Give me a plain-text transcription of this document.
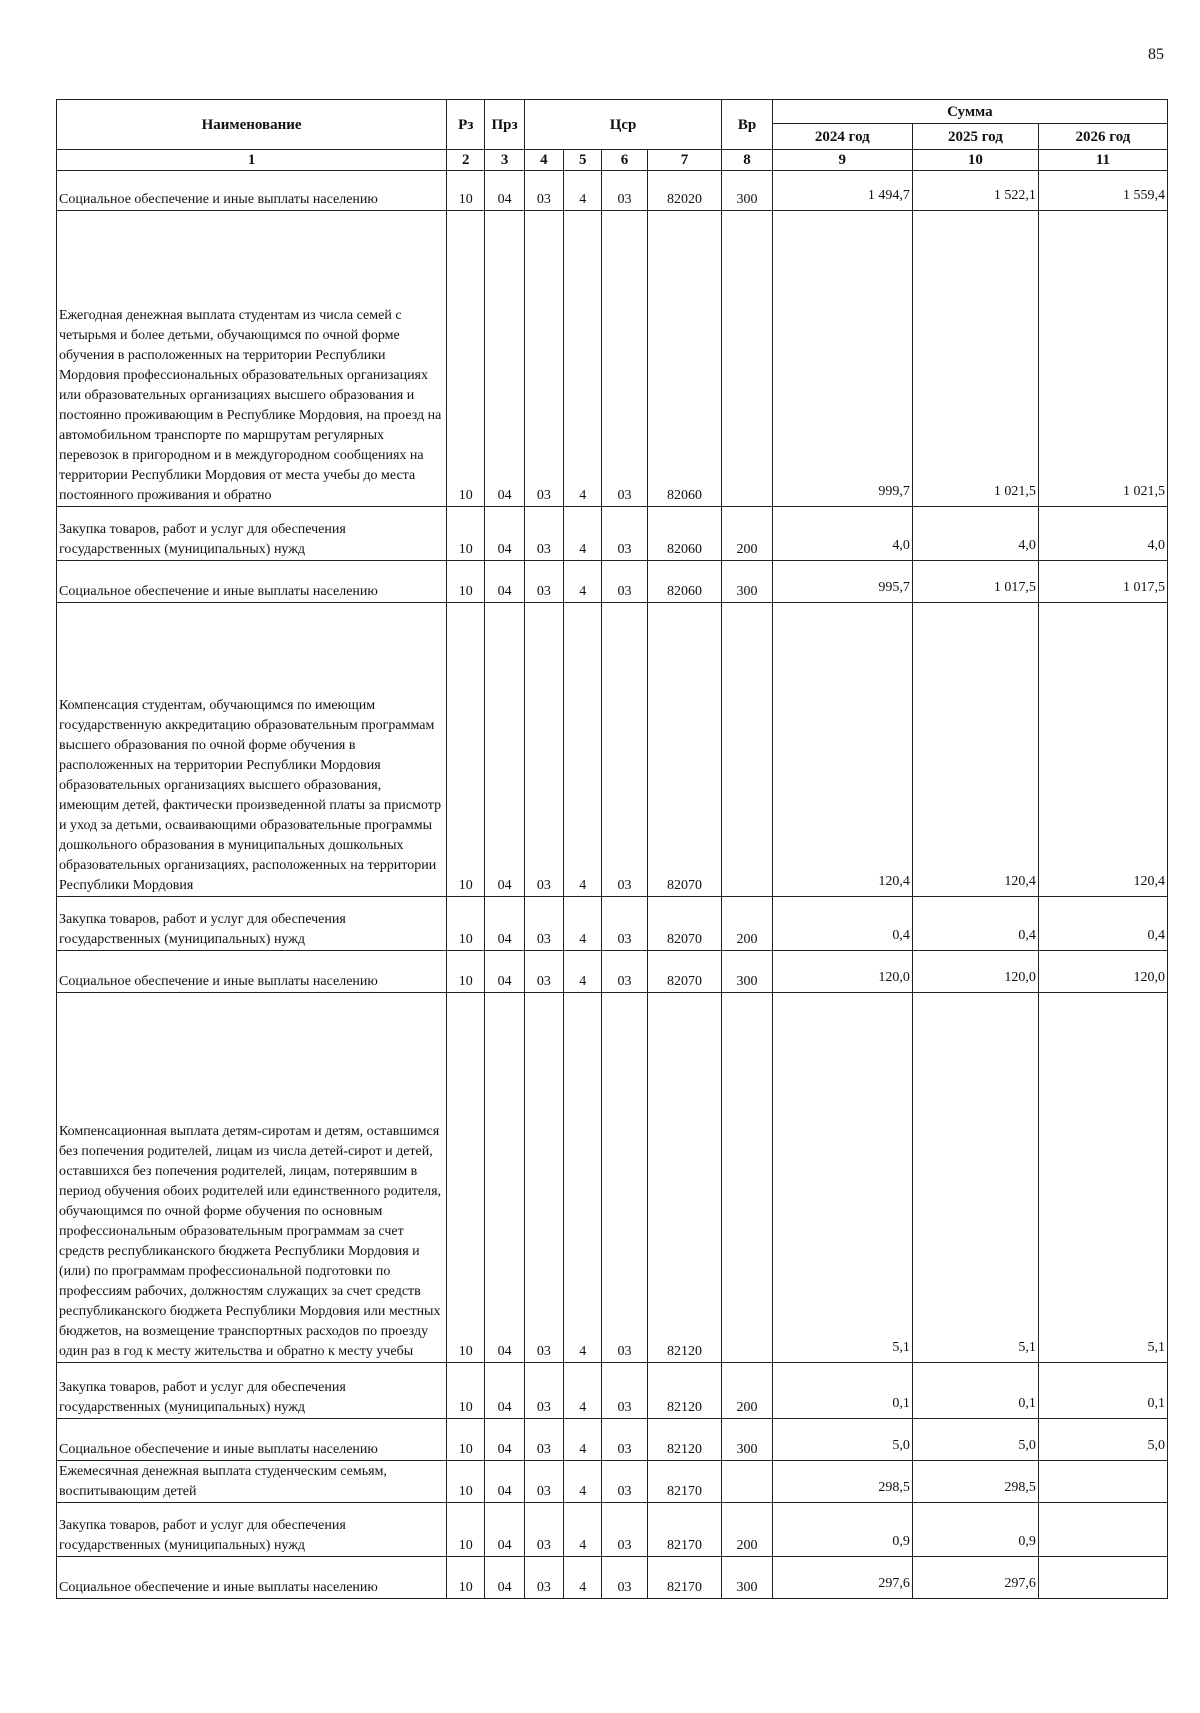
85
Наименование	Рз	Прз	Цср				Вр	Сумма		
								2024 год	2025 год	2026 год
1	2	3	4	5	6	7	8	9	10	11
Социальное обеспечение и иные выплаты населению	10	04	03	4	03	82020	300	1 494,7	1 522,1	1 559,4
Ежегодная денежная выплата студентам из числа семей с четырьмя и более детьми, обучающимся по очной форме обучения в расположенных на территории Республики Мордовия профессиональных образовательных организациях или образовательных организациях высшего образования и постоянно проживающим в Республике Мордовия, на проезд на автомобильном транспорте по маршрутам регулярных перевозок в пригородном и в междугородном сообщениях на территории Республики Мордовия от места учебы до места постоянного проживания и обратно	10	04	03	4	03	82060		999,7	1 021,5	1 021,5
Закупка товаров, работ и услуг для обеспечения государственных (муниципальных) нужд	10	04	03	4	03	82060	200	4,0	4,0	4,0
Социальное обеспечение и иные выплаты населению	10	04	03	4	03	82060	300	995,7	1 017,5	1 017,5
Компенсация студентам, обучающимся по имеющим государственную аккредитацию образовательным программам высшего образования по очной форме обучения в расположенных на территории Республики Мордовия образовательных организациях высшего образования, имеющим детей, фактически произведенной платы за присмотр и уход за детьми, осваивающими образовательные программы дошкольного образования в муниципальных дошкольных образовательных организациях, расположенных на территории Республики Мордовия	10	04	03	4	03	82070		120,4	120,4	120,4
Закупка товаров, работ и услуг для обеспечения государственных (муниципальных) нужд	10	04	03	4	03	82070	200	0,4	0,4	0,4
Социальное обеспечение и иные выплаты населению	10	04	03	4	03	82070	300	120,0	120,0	120,0
Компенсационная выплата детям-сиротам и детям, оставшимся без попечения родителей, лицам из числа детей-сирот и детей, оставшихся без попечения родителей, лицам, потерявшим в период обучения обоих родителей или единственного родителя, обучающимся по очной форме обучения по основным профессиональным образовательным программам за счет средств республиканского бюджета Республики Мордовия и (или) по программам профессиональной подготовки по профессиям рабочих, должностям служащих за счет средств республиканского бюджета Республики Мордовия или местных бюджетов, на возмещение транспортных расходов по проезду один раз в год к месту жительства и обратно к месту учебы	10	04	03	4	03	82120		5,1	5,1	5,1
Закупка товаров, работ и услуг для обеспечения государственных (муниципальных) нужд	10	04	03	4	03	82120	200	0,1	0,1	0,1
Социальное обеспечение и иные выплаты населению	10	04	03	4	03	82120	300	5,0	5,0	5,0
Ежемесячная денежная выплата студенческим семьям, воспитывающим детей	10	04	03	4	03	82170		298,5	298,5	
Закупка товаров, работ и услуг для обеспечения государственных (муниципальных) нужд	10	04	03	4	03	82170	200	0,9	0,9	
Социальное обеспечение и иные выплаты населению	10	04	03	4	03	82170	300	297,6	297,6	
